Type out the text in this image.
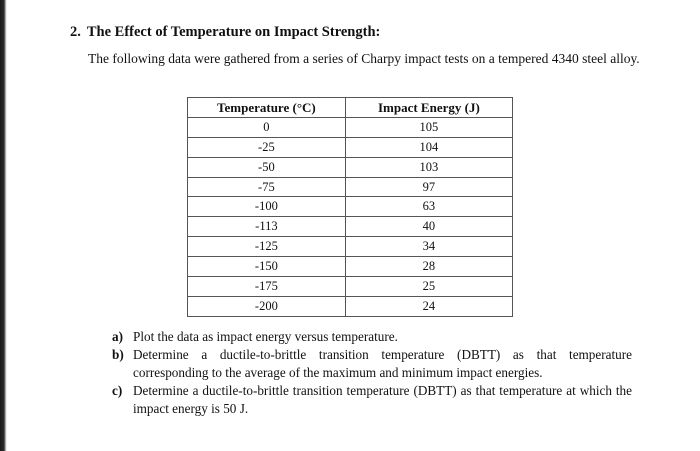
2. The Effect of Temperature on Impact Strength:
The following data were gathered from a series of Charpy impact tests on a tempered 4340 steel alloy.
Temperature (°C)	Impact Energy (J)
0	105
-25	104
-50	103
-75	97
-100	63
-113	40
-125	34
-150	28
-175	25
-200	24
a) Plot the data as impact energy versus temperature.
b) Determine a ductile-to-brittle transition temperature (DBTT) as that temperature corresponding to the average of the maximum and minimum impact energies.
c) Determine a ductile-to-brittle transition temperature (DBTT) as that temperature at which the impact energy is 50 J.
